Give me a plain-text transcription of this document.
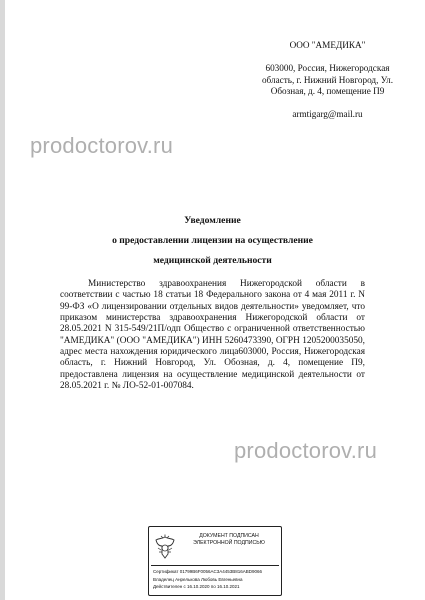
ООО "АМЕДИКА"
603000, Россия, Нижегородская
область, г. Нижний Новгород, Ул.
Обозная, д. 4, помещение П9
armtigarg@mail.ru
prodoctorov.ru
prodoctorov.ru
Уведомление
о предоставлении лицензии на осуществление
медицинской деятельности
Министерство здравоохранения Нижегородской области в соответствии с частью 18 статьи 18 Федерального закона от 4 мая 2011 г. N 99-ФЗ «О лицензировании отдельных видов деятельности» уведомляет, что приказом министерства здравоохранения Нижегородской области от 28.05.2021 N 315-549/21П/одп Общество с ограниченной ответственностью "АМЕДИКА" (ООО "АМЕДИКА") ИНН 5260473390, ОГРН 1205200035050, адрес места нахождения юридического лица603000, Россия, Нижегородская область, г. Нижний Новгород, Ул. Обозная, д. 4, помещение П9, предоставлена лицензия на осуществление медицинской деятельности от 28.05.2021 г. № ЛО-52-01-007084.
ДОКУМЕНТ ПОДПИСАН
ЭЛЕКТРОННОЙ ПОДПИСЬЮ
Сертификат 01799B6F0056AC3A4453B816ABD9066
Владелец Анрелькова Любовь Евгеньевна
Действителен с 16.10.2020 по 16.10.2021
